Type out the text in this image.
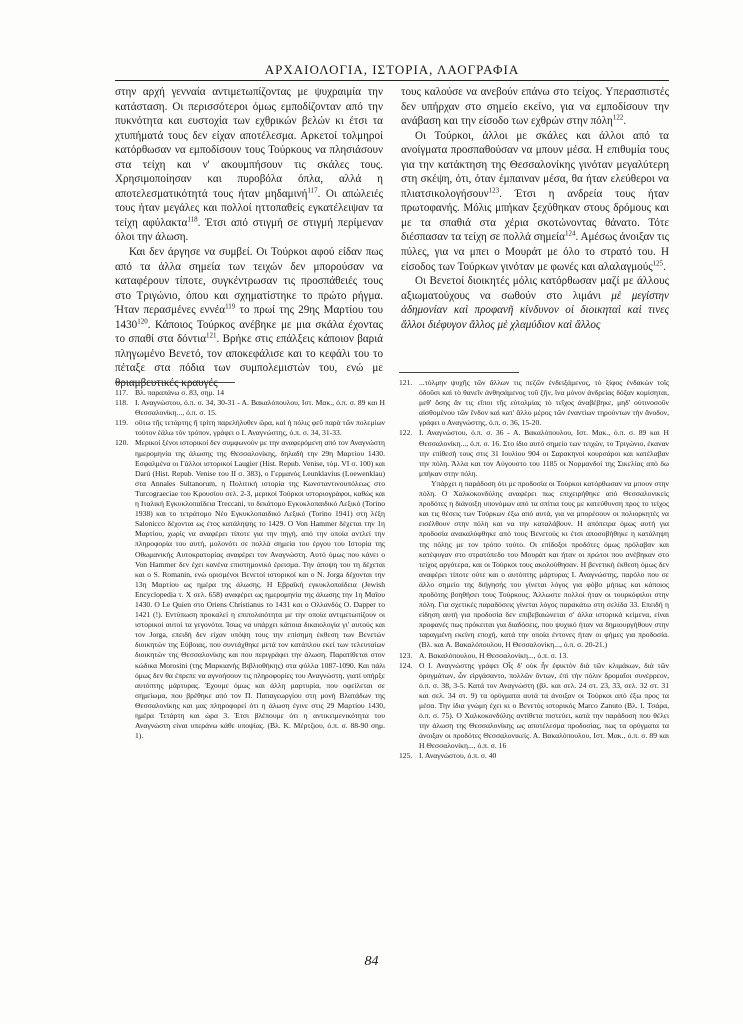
ΑΡΧΑΙΟΛΟΓΙΑ, ΙΣΤΟΡΙΑ, ΛΑΟΓΡΑΦΙΑ

στην αρχή γενναία αντιμετωπίζοντας με ψυχραιμία την κατάσταση. Οι περισσότεροι όμως εμποδίζονταν από την πυκνότητα και ευστοχία των εχθρικών βελών κι έτσι τα χτυπήματά τους δεν είχαν αποτέλεσμα. Αρκετοί τολμηροί κατόρθωσαν να εμποδίσουν τους Τούρκους να πλησιάσουν στα τείχη και ν' ακουμπήσουν τις σκάλες τους. Χρησιμοποίησαν και πυροβόλα όπλα, αλλά η αποτελεσματικότητά τους ήταν μηδαμινή$^{117}$. Οι απώλειές τους ήταν μεγάλες και πολλοί ηττοπαθείς εγκατέλειψαν τα τείχη αφύλακτα$^{118}$. Έτσι από στιγμή σε στιγμή περίμεναν όλοι την άλωση.

Και δεν άργησε να συμβεί. Οι Τούρκοι αφού είδαν πως από τα άλλα σημεία των τειχών δεν μπορούσαν να καταφέρουν τίποτε, συγκέντρωσαν τις προσπάθειές τους στο Τριγώνιο, όπου και σχηματίστηκε το πρώτο ρήγμα. Ήταν περασμένες εννέα$^{119}$ το πρωί της 29ης Μαρτίου του 1430$^{120}$. Κάποιος Τούρκος ανέβηκε με μια σκάλα έχοντας το σπαθί στα δόντια$^{121}$. Βρήκε στις επάλξεις κάποιον βαριά πληγωμένο Βενετό, τον αποκεφάλισε και το κεφάλι του το πέταξε στα πόδια των συμπολεμιστών του, ενώ με θριαμβευτικές κραυγές

τους καλούσε να ανεβούν επάνω στο τείχος. Υπερασπιστές δεν υπήρχαν στο σημείο εκείνο, για να εμποδίσουν την ανάβαση και την είσοδο των εχθρών στην πόλη$^{122}$.

Οι Τούρκοι, άλλοι με σκάλες και άλλοι από τα ανοίγματα προσπαθούσαν να μπουν μέσα. Η επιθυμία τους για την κατάκτηση της Θεσσαλονίκης γινόταν μεγαλύτερη στη σκέψη, ότι, όταν έμπαιναν μέσα, θα ήταν ελεύθεροι να πλιατσικολογήσουν$^{123}$. Έτσι η ανδρεία τους ήταν πρωτοφανής. Μόλις μπήκαν ξεχύθηκαν στους δρόμους και με τα σπαθιά στα χέρια σκοτώνοντας θάνατο. Τότε διέσπασαν τα τείχη σε πολλά σημεία$^{124}$. Αμέσως άνοιξαν τις πύλες, για να μπει ο Μουράτ με όλο το στρατό του. Η είσοδος των Τούρκων γινόταν με φωνές και αλαλαγμούς$^{125}$.

Οι Βενετοί διοικητές μόλις κατόρθωσαν μαζί με άλλους αξιωματούχους να σωθούν στο λιμάνι μὲ μεγίστην ἀδημονίαν καὶ προφανῆ κίνδυνον οἱ διοικηταὶ καὶ τινες ἄλλοι διέφυγον ἄλλος μὲ χλαμύδιον καὶ ἄλλος

117. Βλ. παραπάνω σ. 83, σημ. 14
118. Ι. Αναγνώστου, ό.π. σ. 34, 30-31 - Α. Βακαλόπουλου, Ιστ. Μακ., ό.π. σ. 89 και Η Θεσσαλονίκη..., ό.π. σ. 15.
119. οὕτω τῆς τετάρτης ἤ τρίτη παρελήλυθεν ὥρα, καὶ ἡ πόλις φεῦ παρὰ τῶν πολεμίων τούτον ἑάλω τὸν τρόπον, γράφει ο Ι. Αναγνώστης, ό.π. σ. 34, 31-33.
120. Μερικοί ξένοι ιστορικοί δεν συμφωνούν με την αναφερόμενη από τον Αναγνώστη ημερομηνία της άλωσης της Θεσσαλονίκης, δηλαδή την 29η Μαρτίου 1430. Εσφαλμένα οι Γάλλοι ιστορικοί Laugier (Hist. Repub. Venise, τόμ. VI σ. 100) και Darú (Hist. Repub. Venise του ΙΙ σ. 383), ο Γερμανός Leunklavius (Loewenklau) στα Annales Sultanorum, η Πολιτική ιστορία της Κωνσταντινουπόλεως στο Turcograeciae του Κρουσίου σελ. 2-3, μερικοί Τούρκοι ιστοριογράφοι, καθώς και η Ιταλική Εγκυκλοπαίδεια Treccani, το δεκάτομο Εγκυκλοπαιδικό Λεξικό (Torino 1938) και το τετράτομο Νέο Εγκυκλοπαιδικό Λεξικό (Torino 1941) στη λέξη Salonicco δέχονται ως έτος κατάληψης το 1429. Ο Von Hammer δέχεται την 1η Μαρτίου, χωρίς να αναφέρει τίποτε για την πηγή, από την οποία αντλεί την πληροφορία του αυτή, μολονότι σε πολλά σημεία του έργου του Ιστορία της Οθωμανικής Αυτοκρατορίας αναφέρει τον Αναγνώστη. Αυτό όμως που κάνει ο Von Hammer δεν έχει κανένα επιστημονικό έρεισμα. Την άποψη του τη δέχεται και ο S. Romanin, ενώ ορισμένοι Βενετοί ιστορικοί και ο N. Jorga δέχονται την 13η Μαρτίου ως ημέρα της άλωσης. Η Εβραϊκή εγκυκλοπαίδεια (Jewish Encyclopedia τ. X σελ. 658) αναφέρει ως ημερομηνία της άλωσης την 1η Μαΐου 1430. Ο Le Quien στο Oriens Christianus το 1431 και ο Ολλανδός O. Dapper το 1421 (!). Εντύπωση προκαλεί η επιπολαιότητα με την οποία αντιμετωπίζουν οι ιστορικοί αυτοί τα γεγονότα. Ίσως να υπάρχει κάποια δικαιολογία γι' αυτούς και τον Jorga, επειδή δεν είχαν υπόψη τους την επίσημη έκθεση των Βενετών διοικητών της Εύβοιας, που συντάχθηκε μετά τον κατάπλου εκεί των τελευταίων διοικητών της Θεσσαλονίκης και που περιγράφει την άλωση. Παρατίθεται στον κώδικα Morosini (της Μαρκιανής Βιβλιοθήκης) στα φύλλα 1087-1090. Και πάλι όμως δεν θα έπρεπε να αγνοήσουν τις πληροφορίες του Αναγνώστη, γιατί υπήρξε αυτόπτης μάρτυρας. Έχουμε όμως και άλλη μαρτυρία, που οφείλεται σε σημείωμα, που βρέθηκε από τον Π. Παπαγεωργίου στη μονή Βλατάδων της Θεσσαλονίκης και μας πληροφορεί ότι η άλωση έγινε στις 29 Μαρτίου 1430, ημέρα Τετάρτη και ώρα 3. Έτσι βλέπουμε ότι η αντικειμενικότητα του Αναγνώστη είναι υπεράνω κάθε υποψίας. (Βλ. Κ. Μέρτζιου, ό.π. σ. 88-90 σημ. 1).
121. ...τόλμην ψυχῆς τῶν ἄλλων τις πεζῶν ἐνδειξάμενος, τὸ ξίφος ἐνδακὼν τοῖς ὀδοῦσι καὶ τὸ θανεῖν ἀνθησάμενος τοῦ ζῆν, ἵνα μόνον ἀνδρείας δόξαν κομίσηται, μεθ' ὅσης ἂν τις εἴποι τῆς εὐτολμίας τὸ τεῖχος ἀναβέβηκε, μηδ' οὐτινοσοῦν αἰσθομένου τῶν ἔνδον καὶ κατ' ἄλλο μέρος τῶν ἐναντίων τηρούντων τὴν ἄνοδον, γράφει ο Αναγνώστης, ό.π. σ. 36, 15-20.
122. Ι. Αναγνώστου, ό.π. σ. 36 - Α. Βακαλόπουλου, Ιστ. Μακ., ό.π. σ. 89 και Η Θεσσαλονίκη..., ό.π. σ. 16. Στο ίδιο αυτό σημείο των τειχών, το Τριγώνιο, έκαναν την επίθεσή τους στις 31 Ιουλίου 904 οι Σαρακηνοί κουρσάροι και κατέλαβαν την πόλη. Άλλα και τον Αύγουστο του 1185 οι Νορμανδοί της Σικελίας από δω μπήκαν στην πόλη.
Υπάρχει η παράδοση ότι με προδοσία οι Τούρκοι κατόρθωσαν να μπουν στην πόλη. Ο Χαλκοκονδύλης αναφέρει πως επιχειρήθηκε από Θεσσαλονικείς προδότες η διάνοιξη υπονόμων από τα σπίτια τους με κατεύθυνση προς το τείχος και τις θέσεις των Τούρκων έξω από αυτά, για να μπορέσουν οι πολιορκητές να εισέλθουν στην πόλη και να την καταλάβουν. Η απόπειρα όμως αυτή για προδοσία ανακαλύφθηκε από τους Βενετούς κι έτσι αποσοβήθηκε η κατάληψη της πόλης με τον τρόπο τούτο. Οι επίδοξοι προδότες όμως πρόλαβαν και κατέφυγαν στο στρατόπεδο του Μουράτ και ήταν οι πρώτοι που ανέβηκαν στο τείχος αργότερα, και οι Τούρκοι τους ακολούθησαν. Η βενετική έκθεση όμως δεν αναφέρει τίποτε ούτε και ο αυτόπτης μάρτυρας Ι. Αναγνώστης, παρόλο που σε άλλο σημείο της διήγησής του γίνεται λόγος για φόβο μήπως και κάποιος προδότης βοηθήσει τους Τούρκους. Άλλωστε πολλοί ήταν οι τουρκόφιλοι στην πόλη. Για σχετικές παραδόσεις γίνεται λόγος παρακάτω στη σελίδα 33. Επειδή η είδηση αυτή για προδοσία δεν επιβεβαιώνεται σ' άλλα ιστορικά κείμενα, είναι προφανές πως πρόκειται για διαδόσεις, που ψυχικό ήταν να δημιουργήθουν στην ταραγμένη εκείνη εποχή, κατά την οποία έντονες ήταν οι φήμες για προδοσία. (Βλ. και Α. Βακαλόπουλου, Η Θεσσαλονίκη..., ό.π. σ. 20-21.)
123. Α. Βακαλόπουλου, Η Θεσσαλονίκη..., ό.π. σ. 13.
124. Ο Ι. Αναγνώστης γράφει Οἷς δ' οὐκ ἦν ἐφικτὸν διὰ τῶν κλιμάκων, διὰ τῶν ὀρυγμάτων, ὧν εἰργάσαντο, πολλῶν ὄντων, ἐπὶ τὴν πόλιν δρομαῖοι συνέρρεον, ό.π. σ. 38, 3-5. Κατά τον Αναγνώστη (βλ. και σελ. 24 στ. 23, 33, σελ. 32 στ. 31 και σελ. 34 στ. 9) τα ορύγματα αυτά τα άνοιξαν οι Τούρκοι από έξω προς τα μέσα. Την ίδια γνώμη έχει κι ο Βενετός ιστορικός Marco Zanuto (Βλ. Ι. Τσάρα, ό.π. σ. 75). Ο Χαλκοκονδύλης αντίθετα πιστεύει, κατά την παράδοση που θέλει την άλωση της Θεσσαλονίκης ως αποτέλεσμα προδοσίας, πως τα ορύγματα τα άνοιξαν οι προδότες Θεσσαλονικείς. Α. Βακαλόπουλου, Ιστ. Μακ., ό.π. σ. 89 και Η Θεσσαλονίκη..., ό.π. σ. 16
125. Ι. Αναγνώστου, ό.π. σ. 40
84
